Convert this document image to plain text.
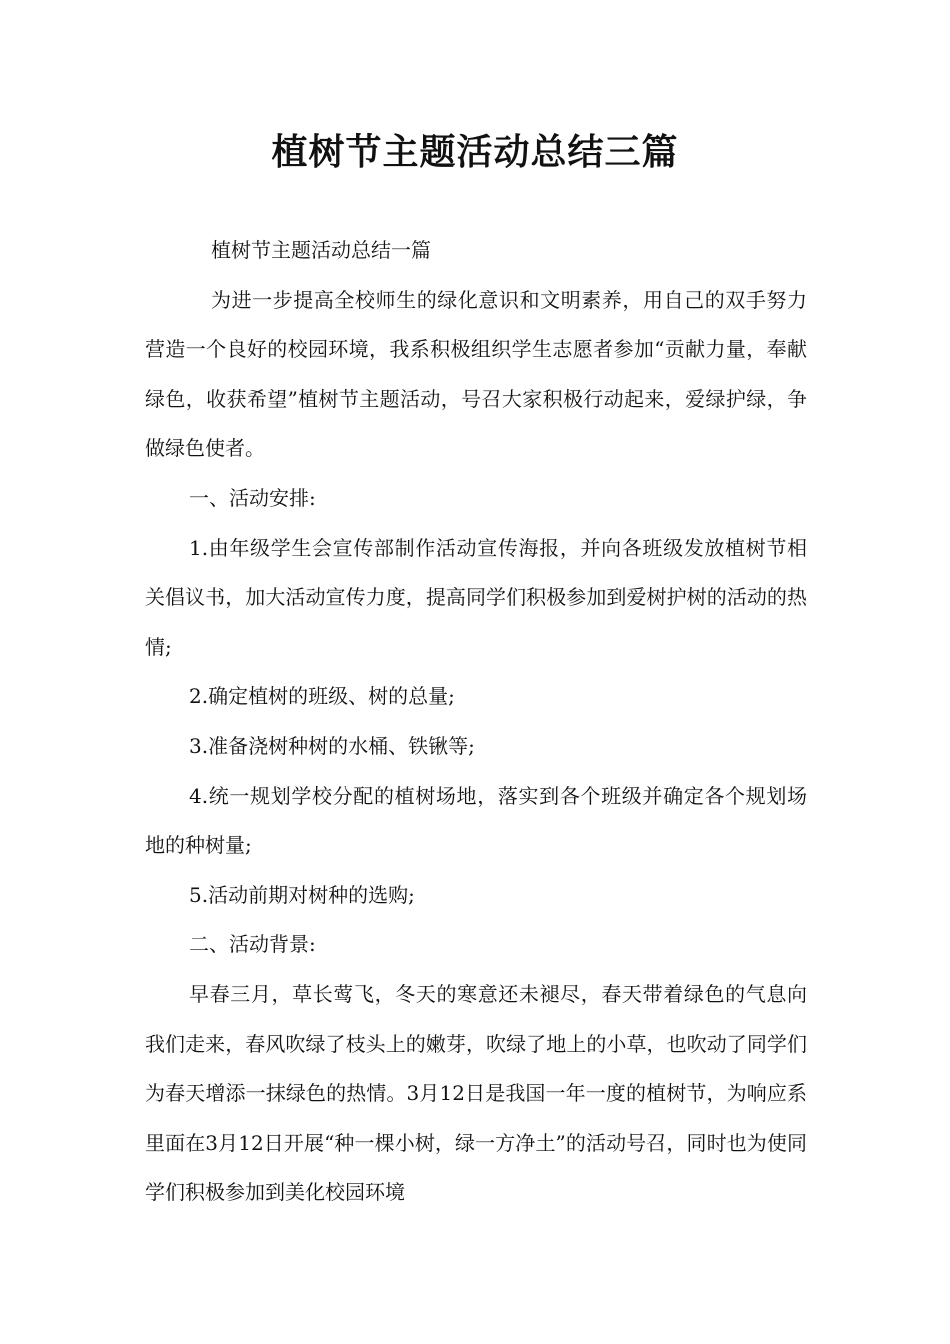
植树节主题活动总结三篇

植树节主题活动总结一篇

为进一步提高全校师生的绿化意识和文明素养，用自己的双手努力营造一个良好的校园环境，我系积极组织学生志愿者参加“贡献力量，奉献绿色，收获希望”植树节主题活动，号召大家积极行动起来，爱绿护绿，争做绿色使者。

一、活动安排:

1.由年级学生会宣传部制作活动宣传海报，并向各班级发放植树节相关倡议书，加大活动宣传力度，提高同学们积极参加到爱树护树的活动的热情;

2.确定植树的班级、树的总量;

3.准备浇树种树的水桶、铁锹等;

4.统一规划学校分配的植树场地，落实到各个班级并确定各个规划场地的种树量;

5.活动前期对树种的选购;

二、活动背景:

早春三月，草长莺飞，冬天的寒意还未褪尽，春天带着绿色的气息向我们走来，春风吹绿了枝头上的嫩芽，吹绿了地上的小草，也吹动了同学们为春天增添一抹绿色的热情。3月12日是我国一年一度的植树节，为响应系里面在3月12日开展“种一棵小树，绿一方净土”的活动号召，同时也为使同学们积极参加到美化校园环境
